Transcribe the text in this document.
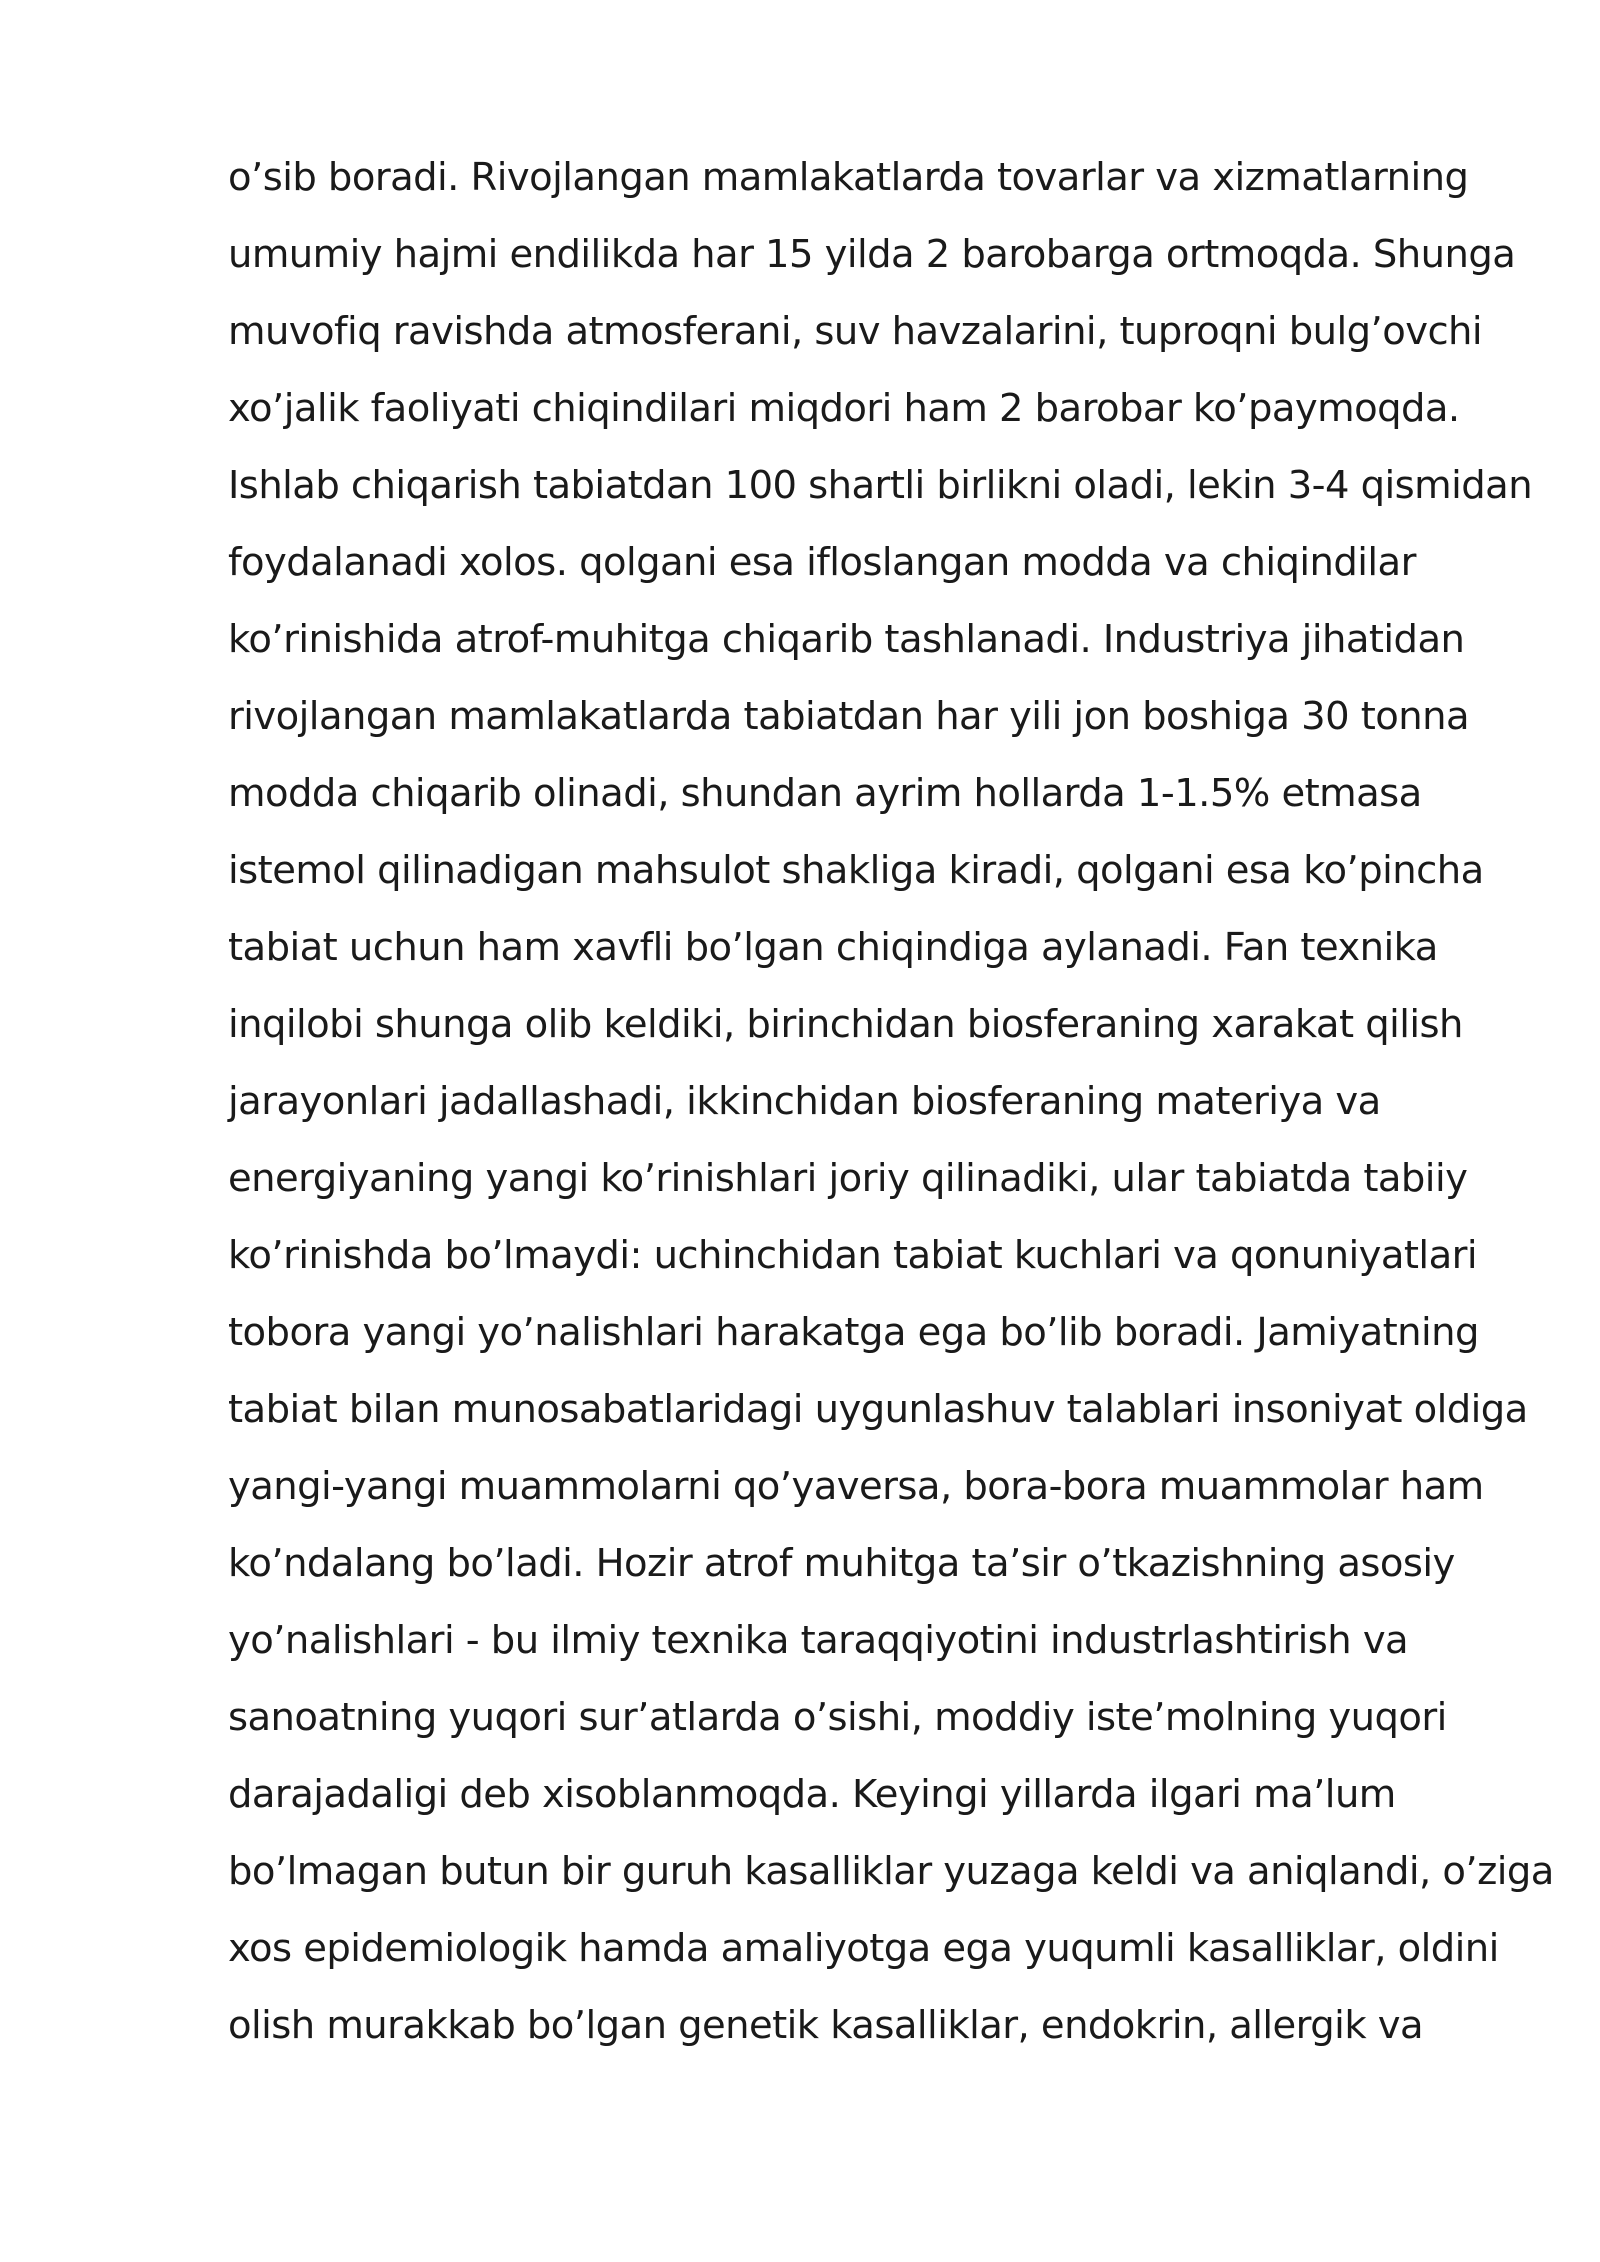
o’sib boradi. Rivojlangan mamlakatlarda tovarlar va xizmatlarning
umumiy hajmi endilikda har 15 yilda 2 barobarga ortmoqda. Shunga
muvofiq ravishda atmosferani, suv havzalarini, tuproqni bulg’ovchi
xo’jalik faoliyati chiqindilari miqdori ham 2 barobar ko’paymoqda.
Ishlab chiqarish tabiatdan 100 shartli birlikni oladi, lekin 3-4 qismidan
foydalanadi xolos. qolgani esa ifloslangan modda va chiqindilar
ko’rinishida atrof-muhitga chiqarib tashlanadi. Industriya jihatidan
rivojlangan mamlakatlarda tabiatdan har yili jon boshiga 30 tonna
modda chiqarib olinadi, shundan ayrim hollarda 1-1.5% etmasa
istemol qilinadigan mahsulot shakliga kiradi, qolgani esa ko’pincha
tabiat uchun ham xavfli bo’lgan chiqindiga aylanadi. Fan texnika
inqilobi shunga olib keldiki, birinchidan biosferaning xarakat qilish
jarayonlari jadallashadi, ikkinchidan biosferaning materiya va
energiyaning yangi ko’rinishlari joriy qilinadiki, ular tabiatda tabiiy
ko’rinishda bo’lmaydi: uchinchidan tabiat kuchlari va qonuniyatlari
tobora yangi yo’nalishlari harakatga ega bo’lib boradi. Jamiyatning
tabiat bilan munosabatlaridagi uygunlashuv talablari insoniyat oldiga
yangi-yangi muammolarni qo’yaversa, bora-bora muammolar ham
ko’ndalang bo’ladi. Hozir atrof muhitga ta’sir o’tkazishning asosiy
yo’nalishlari - bu ilmiy texnika taraqqiyotini industrlashtirish va
sanoatning yuqori sur’atlarda o’sishi, moddiy iste’molning yuqori
darajadaligi deb xisoblanmoqda. Keyingi yillarda ilgari ma’lum
bo’lmagan butun bir guruh kasalliklar yuzaga keldi va aniqlandi, o’ziga
xos epidemiologik hamda amaliyotga ega yuqumli kasalliklar, oldini
olish murakkab bo’lgan genetik kasalliklar, endokrin, allergik va
